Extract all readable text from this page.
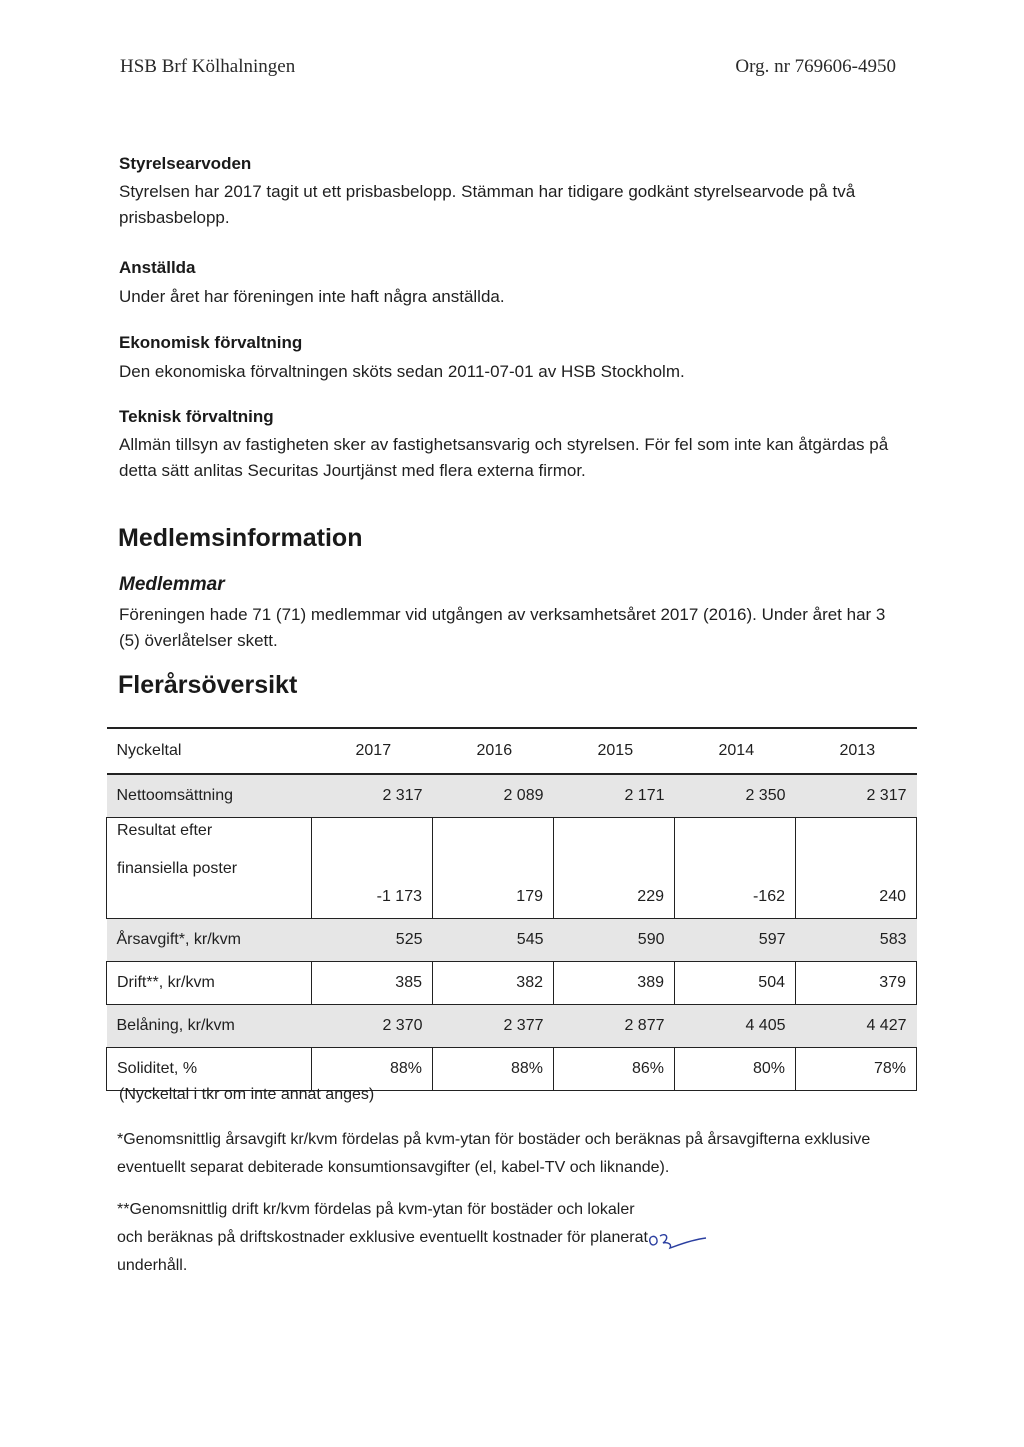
HSB Brf Kölhalningen	Org. nr 769606-4950
Styrelsearvoden
Styrelsen har 2017 tagit ut ett prisbasbelopp. Stämman har tidigare godkänt styrelsearvode på två prisbasbelopp.
Anställda
Under året har föreningen inte haft några anställda.
Ekonomisk förvaltning
Den ekonomiska förvaltningen sköts sedan 2011-07-01 av HSB Stockholm.
Teknisk förvaltning
Allmän tillsyn av fastigheten sker av fastighetsansvarig och styrelsen. För fel som inte kan åtgärdas på detta sätt anlitas Securitas Jourtjänst med flera externa firmor.
Medlemsinformation
Medlemmar
Föreningen hade 71 (71) medlemmar vid utgången av verksamhetsåret 2017 (2016). Under året har 3 (5) överlåtelser skett.
Flerårsöversikt
Nyckeltal	2017	2016	2015	2014	2013
Nettoomsättning	2 317	2 089	2 171	2 350	2 317

Resultat efter
finansiella poster	-1 173	179	229	-162	240
Årsavgift*, kr/kvm	525	545	590	597	583
Drift**, kr/kvm	385	382	389	504	379
Belåning, kr/kvm	2 370	2 377	2 877	4 405	4 427
Soliditet, %	88%	88%	86%	80%	78%
(Nyckeltal i tkr om inte annat anges)
*Genomsnittlig årsavgift kr/kvm fördelas på kvm-ytan för bostäder och beräknas på årsavgifterna exklusive eventuellt separat debiterade konsumtionsavgifter (el, kabel-TV och liknande).
**Genomsnittlig drift kr/kvm fördelas på kvm-ytan för bostäder och lokaler och beräknas på driftskostnader exklusive eventuellt kostnader för planerat underhåll.
